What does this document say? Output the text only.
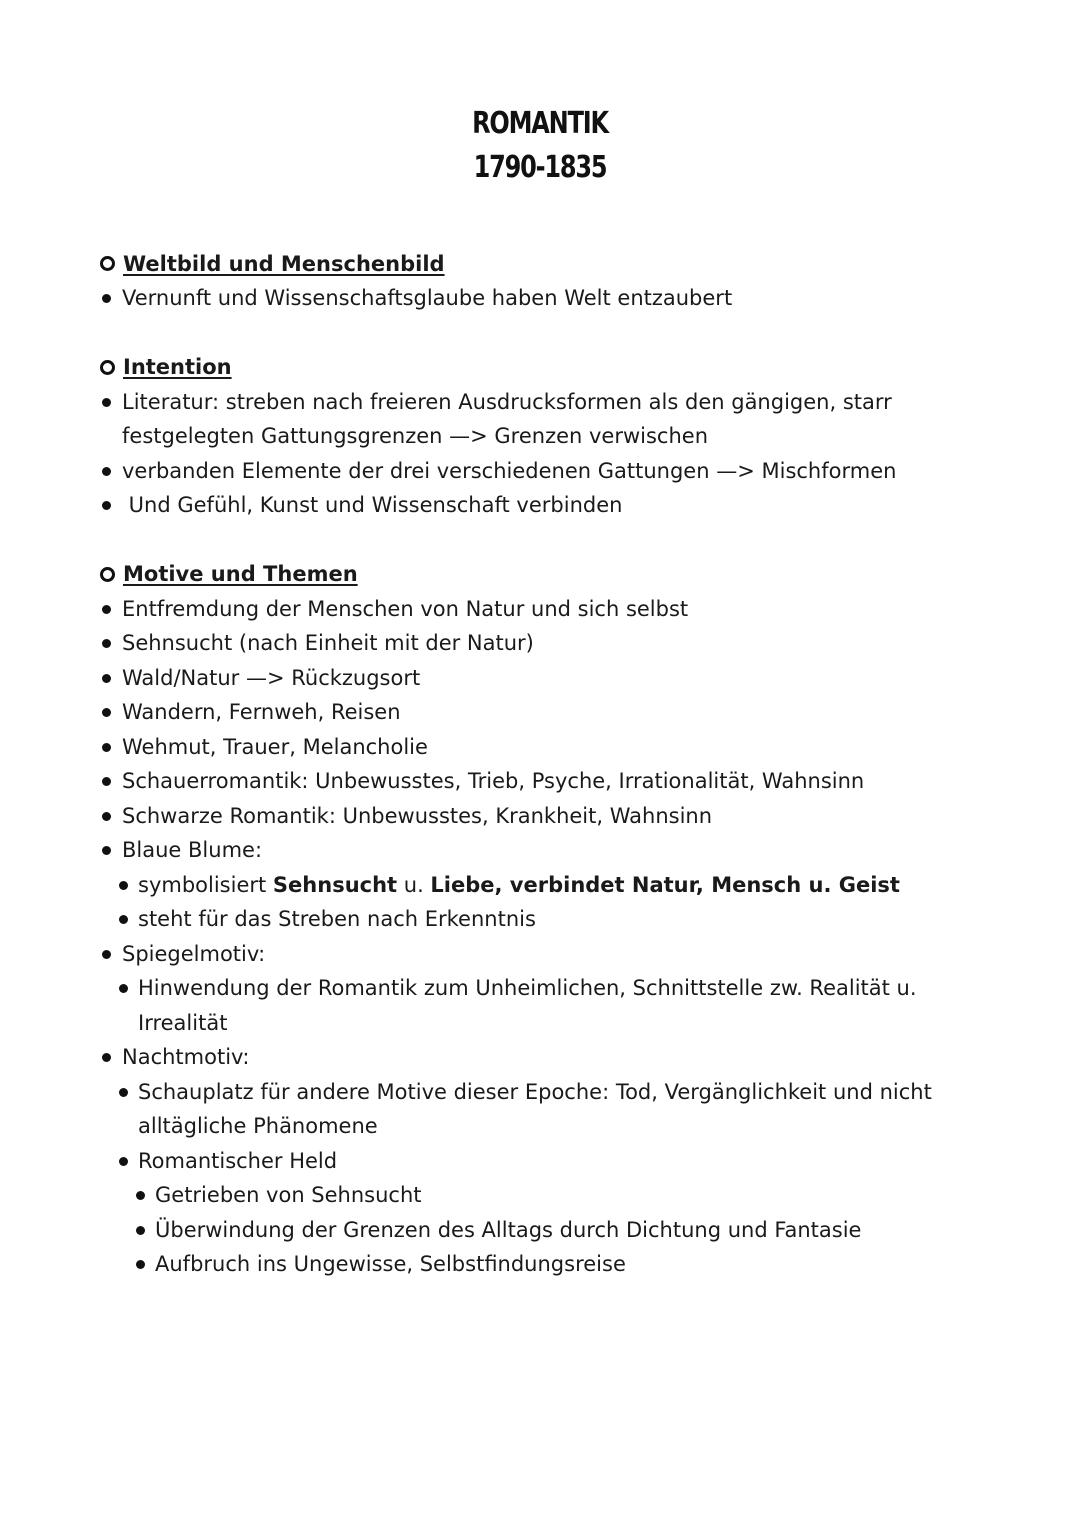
ROMANTIK
1790-1835
Weltbild und Menschenbild
Vernunft und Wissenschaftsglaube haben Welt entzaubert
Intention
Literatur: streben nach freieren Ausdrucksformen als den gängigen, starr
festgelegten Gattungsgrenzen —> Grenzen verwischen
verbanden Elemente der drei verschiedenen Gattungen —> Mischformen
Und Gefühl, Kunst und Wissenschaft verbinden
Motive und Themen
Entfremdung der Menschen von Natur und sich selbst
Sehnsucht (nach Einheit mit der Natur)
Wald/Natur —> Rückzugsort
Wandern, Fernweh, Reisen
Wehmut, Trauer, Melancholie
Schauerromantik: Unbewusstes, Trieb, Psyche, Irrationalität, Wahnsinn
Schwarze Romantik: Unbewusstes, Krankheit, Wahnsinn
Blaue Blume:
symbolisiert Sehnsucht u. Liebe, verbindet Natur, Mensch u. Geist
steht für das Streben nach Erkenntnis
Spiegelmotiv:
Hinwendung der Romantik zum Unheimlichen, Schnittstelle zw. Realität u.
Irrealität
Nachtmotiv:
Schauplatz für andere Motive dieser Epoche: Tod, Vergänglichkeit und nicht
alltägliche Phänomene
Romantischer Held
Getrieben von Sehnsucht
Überwindung der Grenzen des Alltags durch Dichtung und Fantasie
Aufbruch ins Ungewisse, Selbstfindungsreise
